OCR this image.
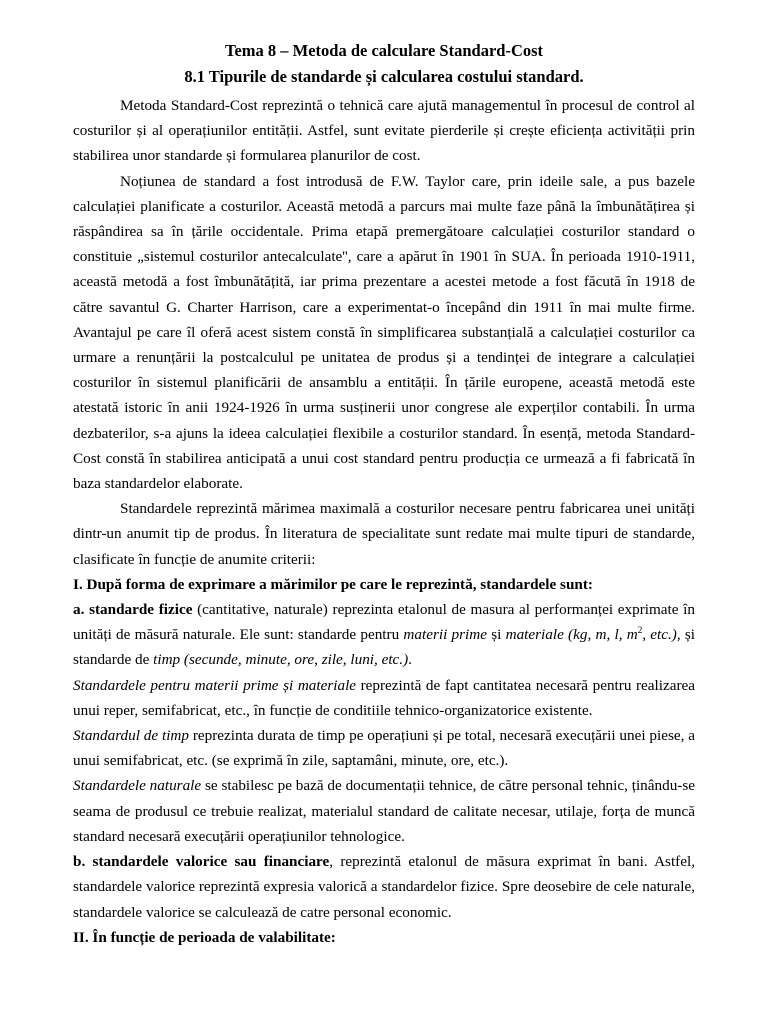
Tema 8 – Metoda de calculare Standard-Cost
8.1 Tipurile de standarde și calcularea costului standard.

Metoda Standard-Cost reprezintă o tehnică care ajută managementul în procesul de control al costurilor și al operațiunilor entității. Astfel, sunt evitate pierderile și crește eficiența activității prin stabilirea unor standarde și formularea planurilor de cost.

Noțiunea de standard a fost introdusă de F.W. Taylor care, prin ideile sale, a pus bazele calculației planificate a costurilor. Această metodă a parcurs mai multe faze până la îmbunătățirea și răspândirea sa în țările occidentale. Prima etapă premergătoare calculației costurilor standard o constituie „sistemul costurilor antecalculate'', care a apărut în 1901 în SUA. În perioada 1910-1911, această metodă a fost îmbunătățită, iar prima prezentare a acestei metode a fost făcută în 1918 de către savantul G. Charter Harrison, care a experimentat-o începând din 1911 în mai multe firme. Avantajul pe care îl oferă acest sistem constă în simplificarea substanțială a calculației costurilor ca urmare a renunțării la postcalculul pe unitatea de produs și a tendinței de integrare a calculației costurilor în sistemul planificării de ansamblu a entității. În țările europene, această metodă este atestată istoric în anii 1924-1926 în urma susținerii unor congrese ale experților contabili. În urma dezbaterilor, s-a ajuns la ideea calculației flexibile a costurilor standard. În esență, metoda Standard-Cost constă în stabilirea anticipată a unui cost standard pentru producția ce urmează a fi fabricată în baza standardelor elaborate.

Standardele reprezintă mărimea maximală a costurilor necesare pentru fabricarea unei unități dintr-un anumit tip de produs. În literatura de specialitate sunt redate mai multe tipuri de standarde, clasificate în funcție de anumite criterii:

I. După forma de exprimare a mărimilor pe care le reprezintă, standardele sunt:

a. standarde fizice (cantitative, naturale) reprezinta etalonul de masura al performanței exprimate în unități de măsură naturale. Ele sunt: standarde pentru materii prime și materiale (kg, m, l, $m^2$, etc.), și standarde de timp (secunde, minute, ore, zile, luni, etc.).

Standardele pentru materii prime și materiale reprezintă de fapt cantitatea necesară pentru realizarea unui reper, semifabricat, etc., în funcție de conditiile tehnico-organizatorice existente.

Standardul de timp reprezinta durata de timp pe operațiuni și pe total, necesară execuțării unei piese, a unui semifabricat, etc. (se exprimă în zile, saptamâni, minute, ore, etc.).

Standardele naturale se stabilesc pe bază de documentații tehnice, de către personal tehnic, ținându-se seama de produsul ce trebuie realizat, materialul standard de calitate necesar, utilaje, forța de muncă standard necesară execuțării operațiunilor tehnologice.

b. standardele valorice sau financiare, reprezintă etalonul de măsura exprimat în bani. Astfel, standardele valorice reprezintă expresia valorică a standardelor fizice. Spre deosebire de cele naturale, standardele valorice se calculează de catre personal economic.

II. În funcție de perioada de valabilitate:
